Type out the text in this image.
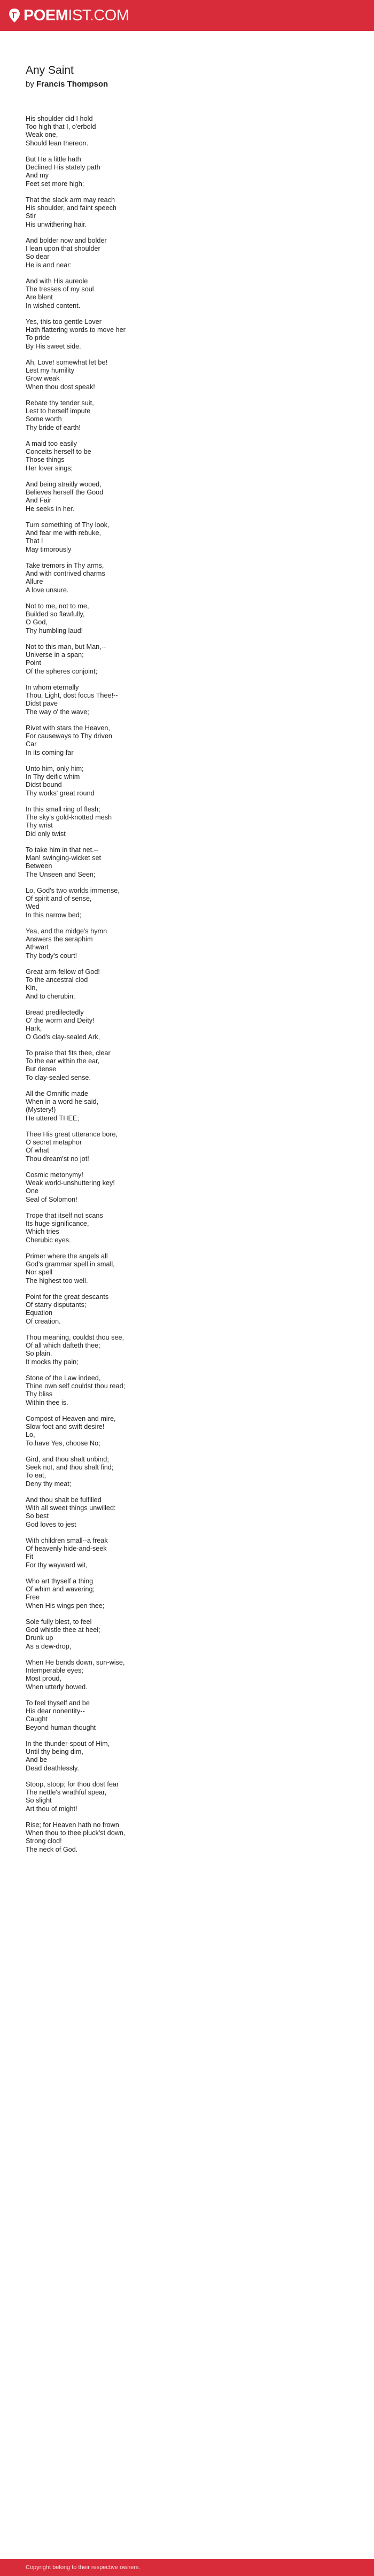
POEMIST.COM
Any Saint
by Francis Thompson
His shoulder did I hold
Too high that I, o'erbold
Weak one,
Should lean thereon.
But He a little hath
Declined His stately path
And my
Feet set more high;
That the slack arm may reach
His shoulder, and faint speech
Stir
His unwithering hair.
And bolder now and bolder
I lean upon that shoulder
So dear
He is and near:
And with His aureole
The tresses of my soul
Are blent
In wished content.
Yes, this too gentle Lover
Hath flattering words to move her
To pride
By His sweet side.
Ah, Love! somewhat let be!
Lest my humility
Grow weak
When thou dost speak!
Rebate thy tender suit,
Lest to herself impute
Some worth
Thy bride of earth!
A maid too easily
Conceits herself to be
Those things
Her lover sings;
And being straitly wooed,
Believes herself the Good
And Fair
He seeks in her.
Turn something of Thy look,
And fear me with rebuke,
That I
May timorously
Take tremors in Thy arms,
And with contrived charms
Allure
A love unsure.
Not to me, not to me,
Builded so flawfully,
O God,
Thy humbling laud!
Not to this man, but Man,--
Universe in a span;
Point
Of the spheres conjoint;
In whom eternally
Thou, Light, dost focus Thee!--
Didst pave
The way o' the wave;
Rivet with stars the Heaven,
For causeways to Thy driven
Car
In its coming far
Unto him, only him;
In Thy deific whim
Didst bound
Thy works' great round
In this small ring of flesh;
The sky's gold-knotted mesh
Thy wrist
Did only twist
To take him in that net.--
Man! swinging-wicket set
Between
The Unseen and Seen;
Lo, God's two worlds immense,
Of spirit and of sense,
Wed
In this narrow bed;
Yea, and the midge's hymn
Answers the seraphim
Athwart
Thy body's court!
Great arm-fellow of God!
To the ancestral clod
Kin,
And to cherubin;
Bread predilectedly
O' the worm and Deity!
Hark,
O God's clay-sealed Ark,
To praise that fits thee, clear
To the ear within the ear,
But dense
To clay-sealed sense.
All the Omnific made
When in a word he said,
(Mystery!)
He uttered THEE;
Thee His great utterance bore,
O secret metaphor
Of what
Thou dream'st no jot!
Cosmic metonymy!
Weak world-unshuttering key!
One
Seal of Solomon!
Trope that itself not scans
Its huge significance,
Which tries
Cherubic eyes.
Primer where the angels all
God's grammar spell in small,
Nor spell
The highest too well.
Point for the great descants
Of starry disputants;
Equation
Of creation.
Thou meaning, couldst thou see,
Of all which dafteth thee;
So plain,
It mocks thy pain;
Stone of the Law indeed,
Thine own self couldst thou read;
Thy bliss
Within thee is.
Compost of Heaven and mire,
Slow foot and swift desire!
Lo,
To have Yes, choose No;
Gird, and thou shalt unbind;
Seek not, and thou shalt find;
To eat,
Deny thy meat;
And thou shalt be fulfilled
With all sweet things unwilled:
So best
God loves to jest
With children small--a freak
Of heavenly hide-and-seek
Fit
For thy wayward wit,
Who art thyself a thing
Of whim and wavering;
Free
When His wings pen thee;
Sole fully blest, to feel
God whistle thee at heel;
Drunk up
As a dew-drop,
When He bends down, sun-wise,
Intemperable eyes;
Most proud,
When utterly bowed.
To feel thyself and be
His dear nonentity--
Caught
Beyond human thought
In the thunder-spout of Him,
Until thy being dim,
And be
Dead deathlessly.
Stoop, stoop; for thou dost fear
The nettle's wrathful spear,
So slight
Art thou of might!
Rise; for Heaven hath no frown
When thou to thee pluck'st down,
Strong clod!
The neck of God.
Copyright belong to their respective owners.
